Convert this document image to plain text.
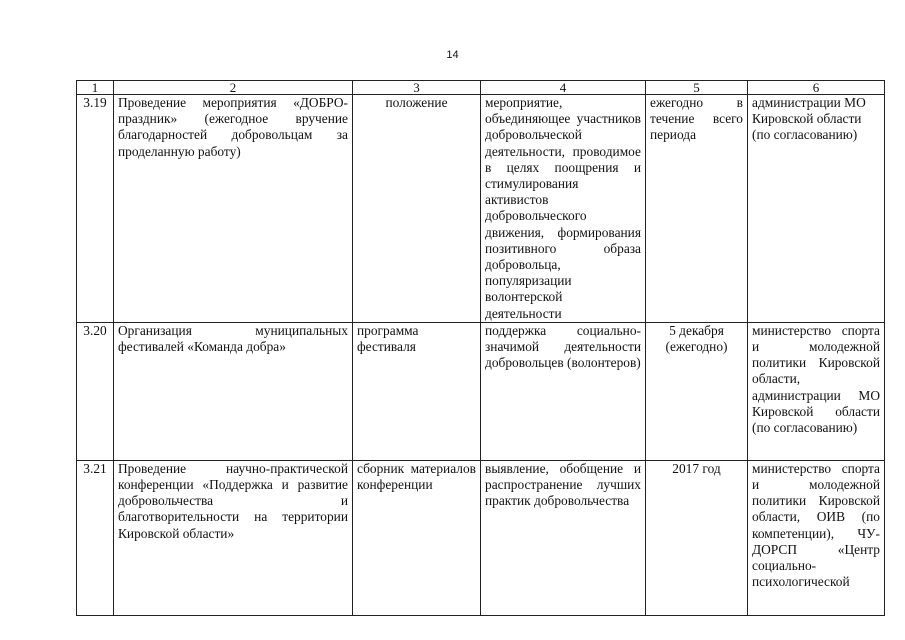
14
1	2	3	4	5	6
3.19	Проведение мероприятия «ДОБРО-праздник» (ежегодное вручение благодарностей добровольцам за проделанную работу)	положение	мероприятие, объединяющее участников добровольческой деятельности, проводимое в целях поощрения и стимулирования активистов добровольческого движения, формирования позитивного образа добровольца, популяризации волонтерской деятельности	ежегодно в течение всего периода	администрации МО Кировской области (по согласованию)
3.20	Организация муниципальных фестивалей «Команда добра»	программа фестиваля	поддержка социально-значимой деятельности добровольцев (волонтеров)	5 декабря (ежегодно)	министерство спорта и молодежной политики Кировской области, администрации МО Кировской области (по согласованию)
3.21	Проведение научно-практической конференции «Поддержка и развитие добровольчества и благотворительности на территории Кировской области»	сборник материалов конференции	выявление, обобщение и распространение лучших практик добровольчества	2017 год	министерство спорта и молодежной политики Кировской области, ОИВ (по компетенции), ЧУ-ДОРСП «Центр социально-психологической
